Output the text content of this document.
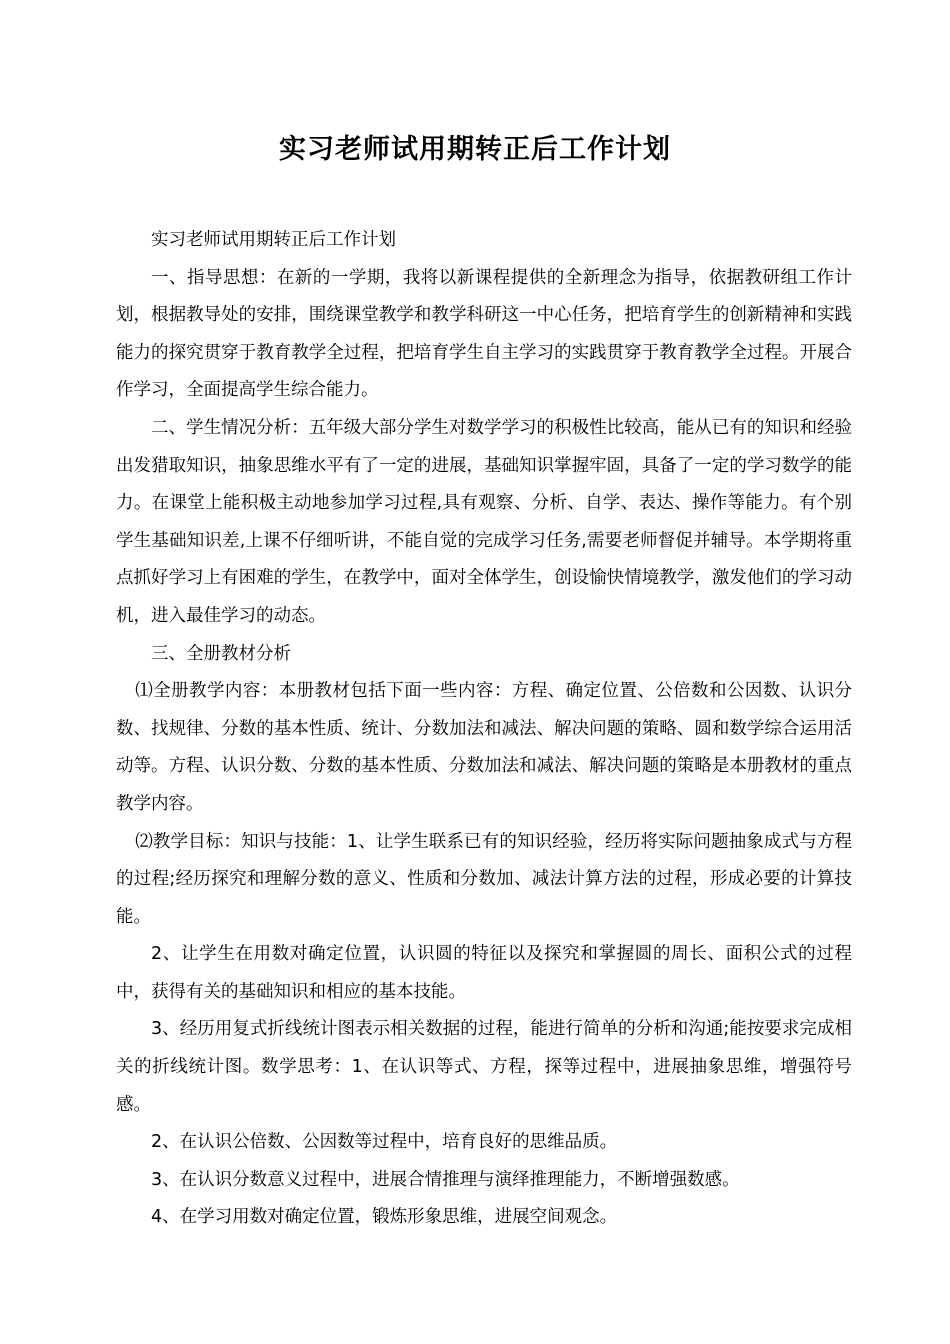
实习老师试用期转正后工作计划

实习老师试用期转正后工作计划

一、指导思想：在新的一学期，我将以新课程提供的全新理念为指导，依据教研组工作计划，根据教导处的安排，围绕课堂教学和教学科研这一中心任务，把培育学生的创新精神和实践能力的探究贯穿于教育教学全过程，把培育学生自主学习的实践贯穿于教育教学全过程。开展合作学习，全面提高学生综合能力。

二、学生情况分析：五年级大部分学生对数学学习的积极性比较高，能从已有的知识和经验出发猎取知识，抽象思维水平有了一定的进展，基础知识掌握牢固，具备了一定的学习数学的能力。在课堂上能积极主动地参加学习过程,具有观察、分析、自学、表达、操作等能力。有个别学生基础知识差,上课不仔细听讲，不能自觉的完成学习任务,需要老师督促并辅导。本学期将重点抓好学习上有困难的学生，在教学中，面对全体学生，创设愉快情境教学，激发他们的学习动机，进入最佳学习的动态。

三、全册教材分析

⑴全册教学内容：本册教材包括下面一些内容：方程、确定位置、公倍数和公因数、认识分数、找规律、分数的基本性质、统计、分数加法和减法、解决问题的策略、圆和数学综合运用活动等。方程、认识分数、分数的基本性质、分数加法和减法、解决问题的策略是本册教材的重点教学内容。

⑵教学目标：知识与技能：1、让学生联系已有的知识经验，经历将实际问题抽象成式与方程的过程;经历探究和理解分数的意义、性质和分数加、减法计算方法的过程，形成必要的计算技能。

2、让学生在用数对确定位置，认识圆的特征以及探究和掌握圆的周长、面积公式的过程中，获得有关的基础知识和相应的基本技能。

3、经历用复式折线统计图表示相关数据的过程，能进行简单的分析和沟通;能按要求完成相关的折线统计图。数学思考：1、在认识等式、方程，探等过程中，进展抽象思维，增强符号感。

2、在认识公倍数、公因数等过程中，培育良好的思维品质。

3、在认识分数意义过程中，进展合情推理与演绎推理能力，不断增强数感。

4、在学习用数对确定位置，锻炼形象思维，进展空间观念。
